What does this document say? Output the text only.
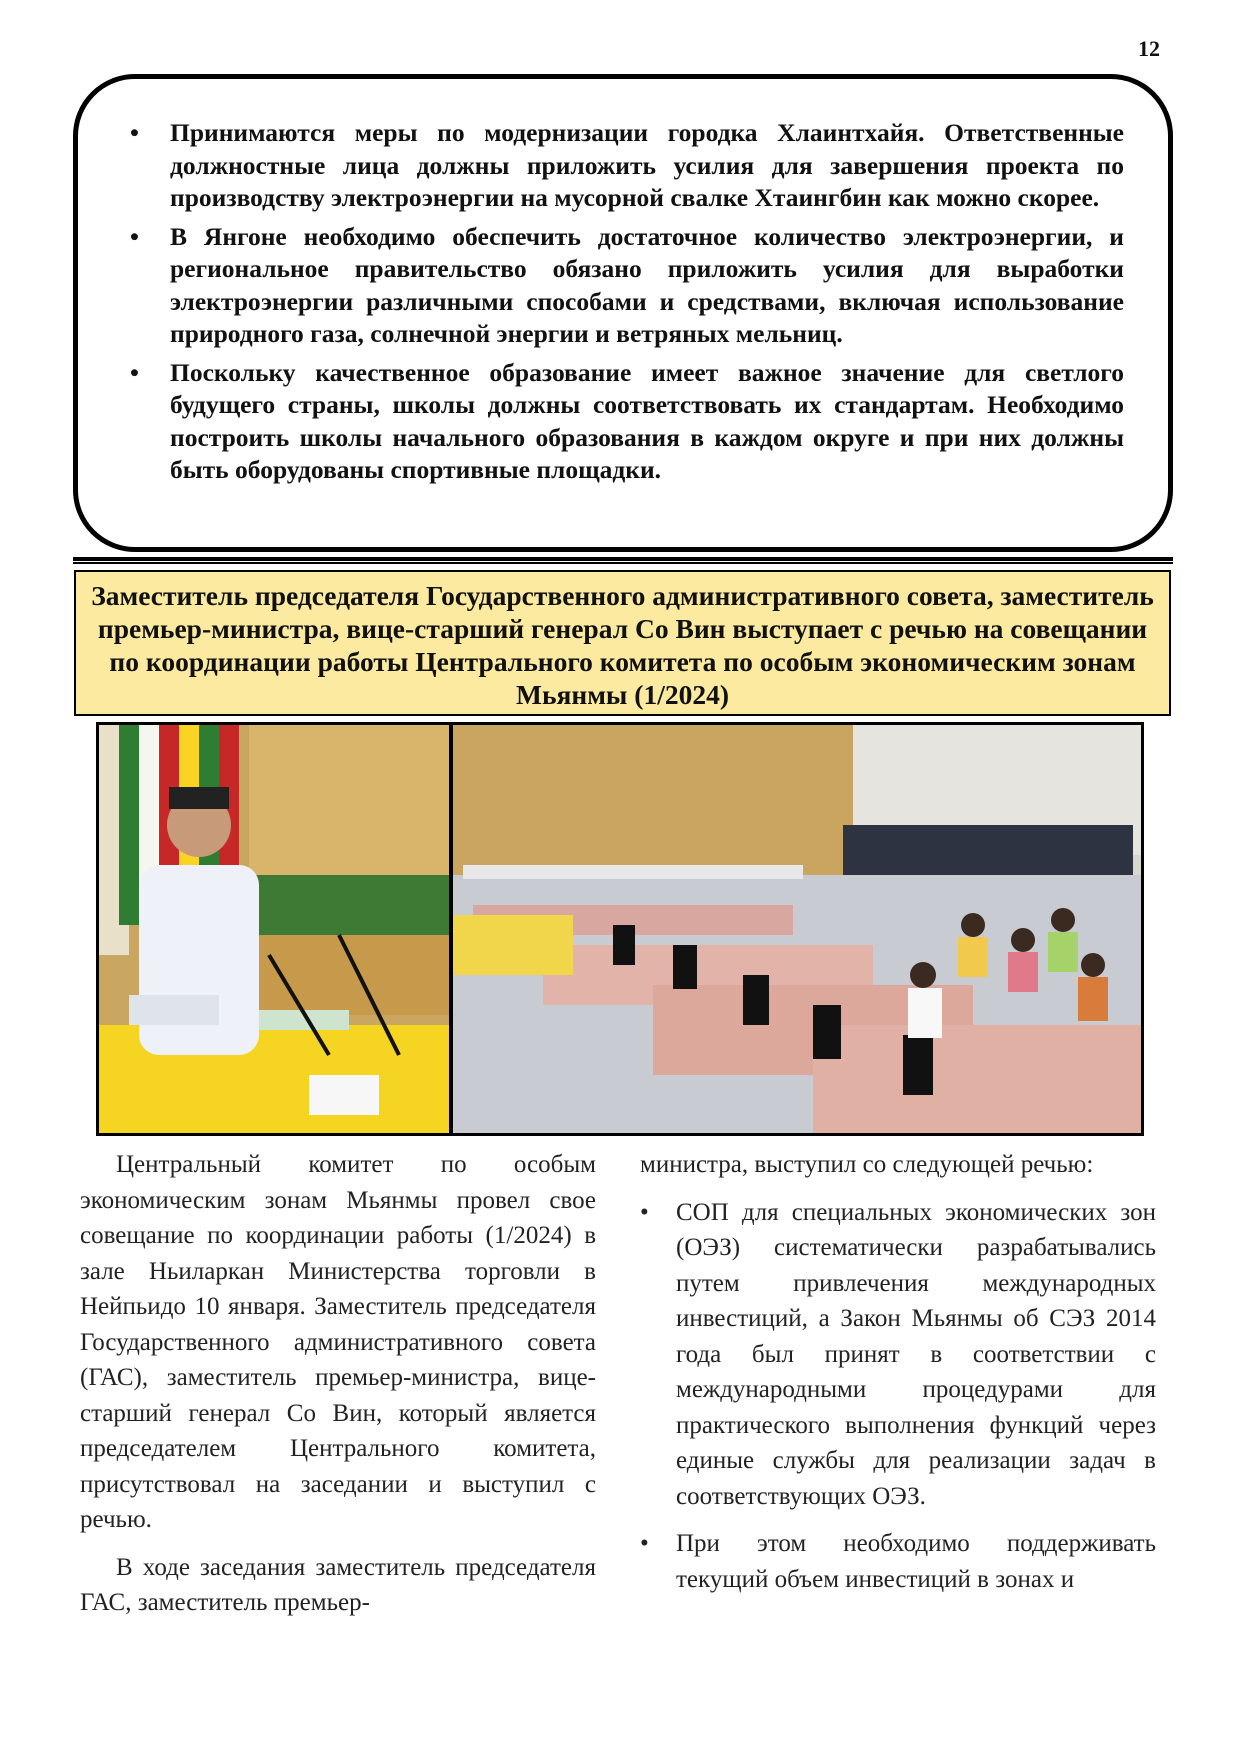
12
• Принимаются меры по модернизации городка Хлаинтхайя. Ответственные должностные лица должны приложить усилия для завершения проекта по производству электроэнергии на мусорной свалке Хтаингбин как можно скорее.
• В Янгоне необходимо обеспечить достаточное количество электроэнергии, и региональное правительство обязано приложить усилия для выработки электроэнергии различными способами и средствами, включая использование природного газа, солнечной энергии и ветряных мельниц.
• Поскольку качественное образование имеет важное значение для светлого будущего страны, школы должны соответствовать их стандартам. Необходимо построить школы начального образования в каждом округе и при них должны быть оборудованы спортивные площадки.
Заместитель председателя Государственного административного совета, заместитель премьер-министра, вице-старший генерал Со Вин выступает с речью на совещании по координации работы Центрального комитета по особым экономическим зонам Мьянмы (1/2024)

Центральный комитет по особым экономическим зонам Мьянмы провел свое совещание по координации работы (1/2024) в зале Ньиларкан Министерства торговли в Нейпьидо 10 января. Заместитель председателя Государственного административного совета (ГАС), заместитель премьер-министра, вице-старший генерал Со Вин, который является председателем Центрального комитета, присутствовал на заседании и выступил с речью.

В ходе заседания заместитель председателя ГАС, заместитель премьер-

министра, выступил со следующей речью:

• СОП для специальных экономических зон (ОЭЗ) систематически разрабатывались путем привлечения международных инвестиций, а Закон Мьянмы об СЭЗ 2014 года был принят в соответствии с международными процедурами для практического выполнения функций через единые службы для реализации задач в соответствующих ОЭЗ.
• При этом необходимо поддерживать текущий объем инвестиций в зонах и
